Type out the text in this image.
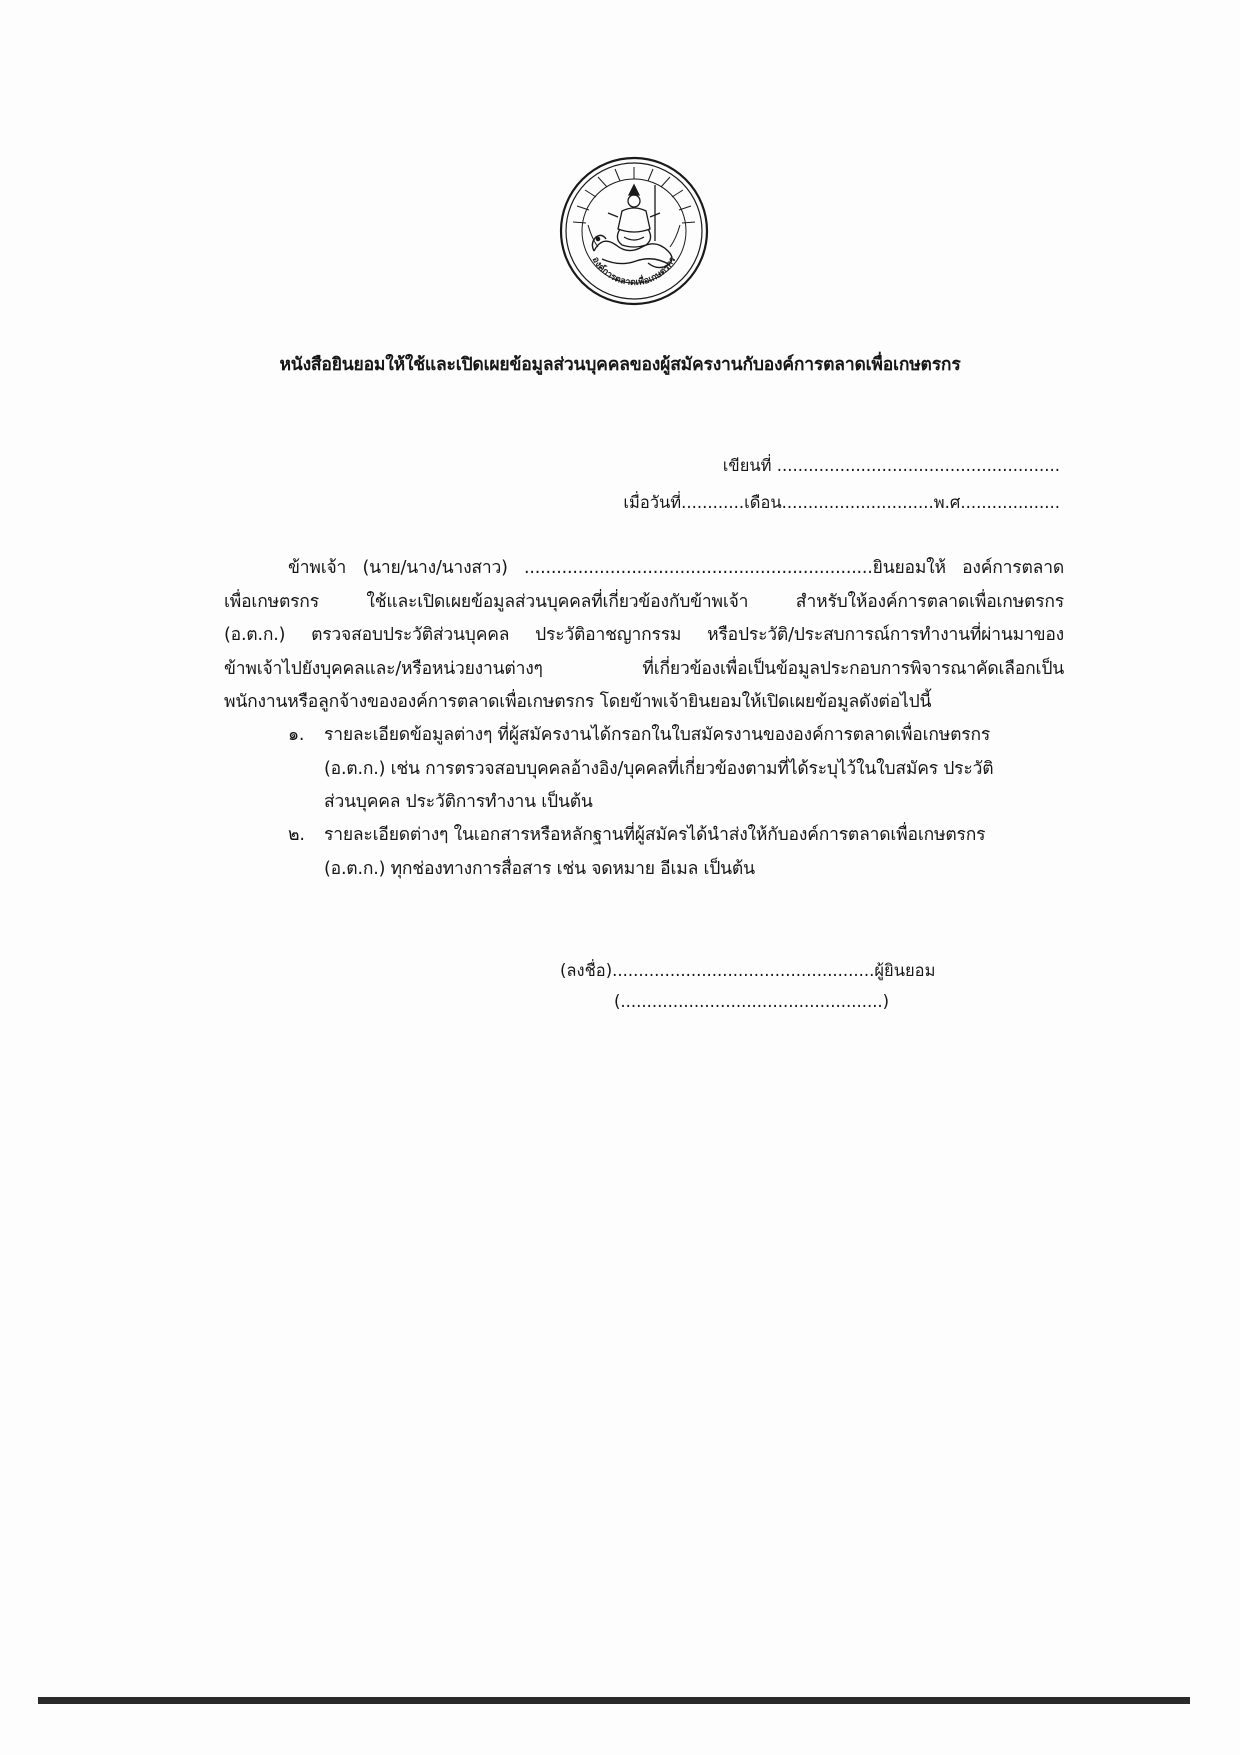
องค์การตลาดเพื่อเกษตรกร
หนังสือยินยอมให้ใช้และเปิดเผยข้อมูลส่วนบุคคลของผู้สมัครงานกับองค์การตลาดเพื่อเกษตรกร
เขียนที่ ......................................................
เมื่อวันที่............เดือน.............................พ.ศ...................
ข้าพเจ้า (นาย/นาง/นางสาว) .................................................................ยินยอมให้ องค์การตลาด
เพื่อเกษตรกร ใช้และเปิดเผยข้อมูลส่วนบุคคลที่เกี่ยวข้องกับข้าพเจ้า สำหรับให้องค์การตลาดเพื่อเกษตรกร
(อ.ต.ก.) ตรวจสอบประวัติส่วนบุคคล ประวัติอาชญากรรม หรือประวัติ/ประสบการณ์การทำงานที่ผ่านมาของ
ข้าพเจ้าไปยังบุคคลและ/หรือหน่วยงานต่างๆ ที่เกี่ยวข้องเพื่อเป็นข้อมูลประกอบการพิจารณาคัดเลือกเป็น
พนักงานหรือลูกจ้างขององค์การตลาดเพื่อเกษตรกร โดยข้าพเจ้ายินยอมให้เปิดเผยข้อมูลดังต่อไปนี้
๑.	รายละเอียดข้อมูลต่างๆ ที่ผู้สมัครงานได้กรอกในใบสมัครงานขององค์การตลาดเพื่อเกษตรกร
(อ.ต.ก.) เช่น การตรวจสอบบุคคลอ้างอิง/บุคคลที่เกี่ยวข้องตามที่ได้ระบุไว้ในใบสมัคร ประวัติ
ส่วนบุคคล ประวัติการทำงาน เป็นต้น
๒.	รายละเอียดต่างๆ ในเอกสารหรือหลักฐานที่ผู้สมัครได้นำส่งให้กับองค์การตลาดเพื่อเกษตรกร
(อ.ต.ก.) ทุกช่องทางการสื่อสาร เช่น จดหมาย อีเมล เป็นต้น
(ลงชื่อ)..................................................ผู้ยินยอม
(..................................................)
